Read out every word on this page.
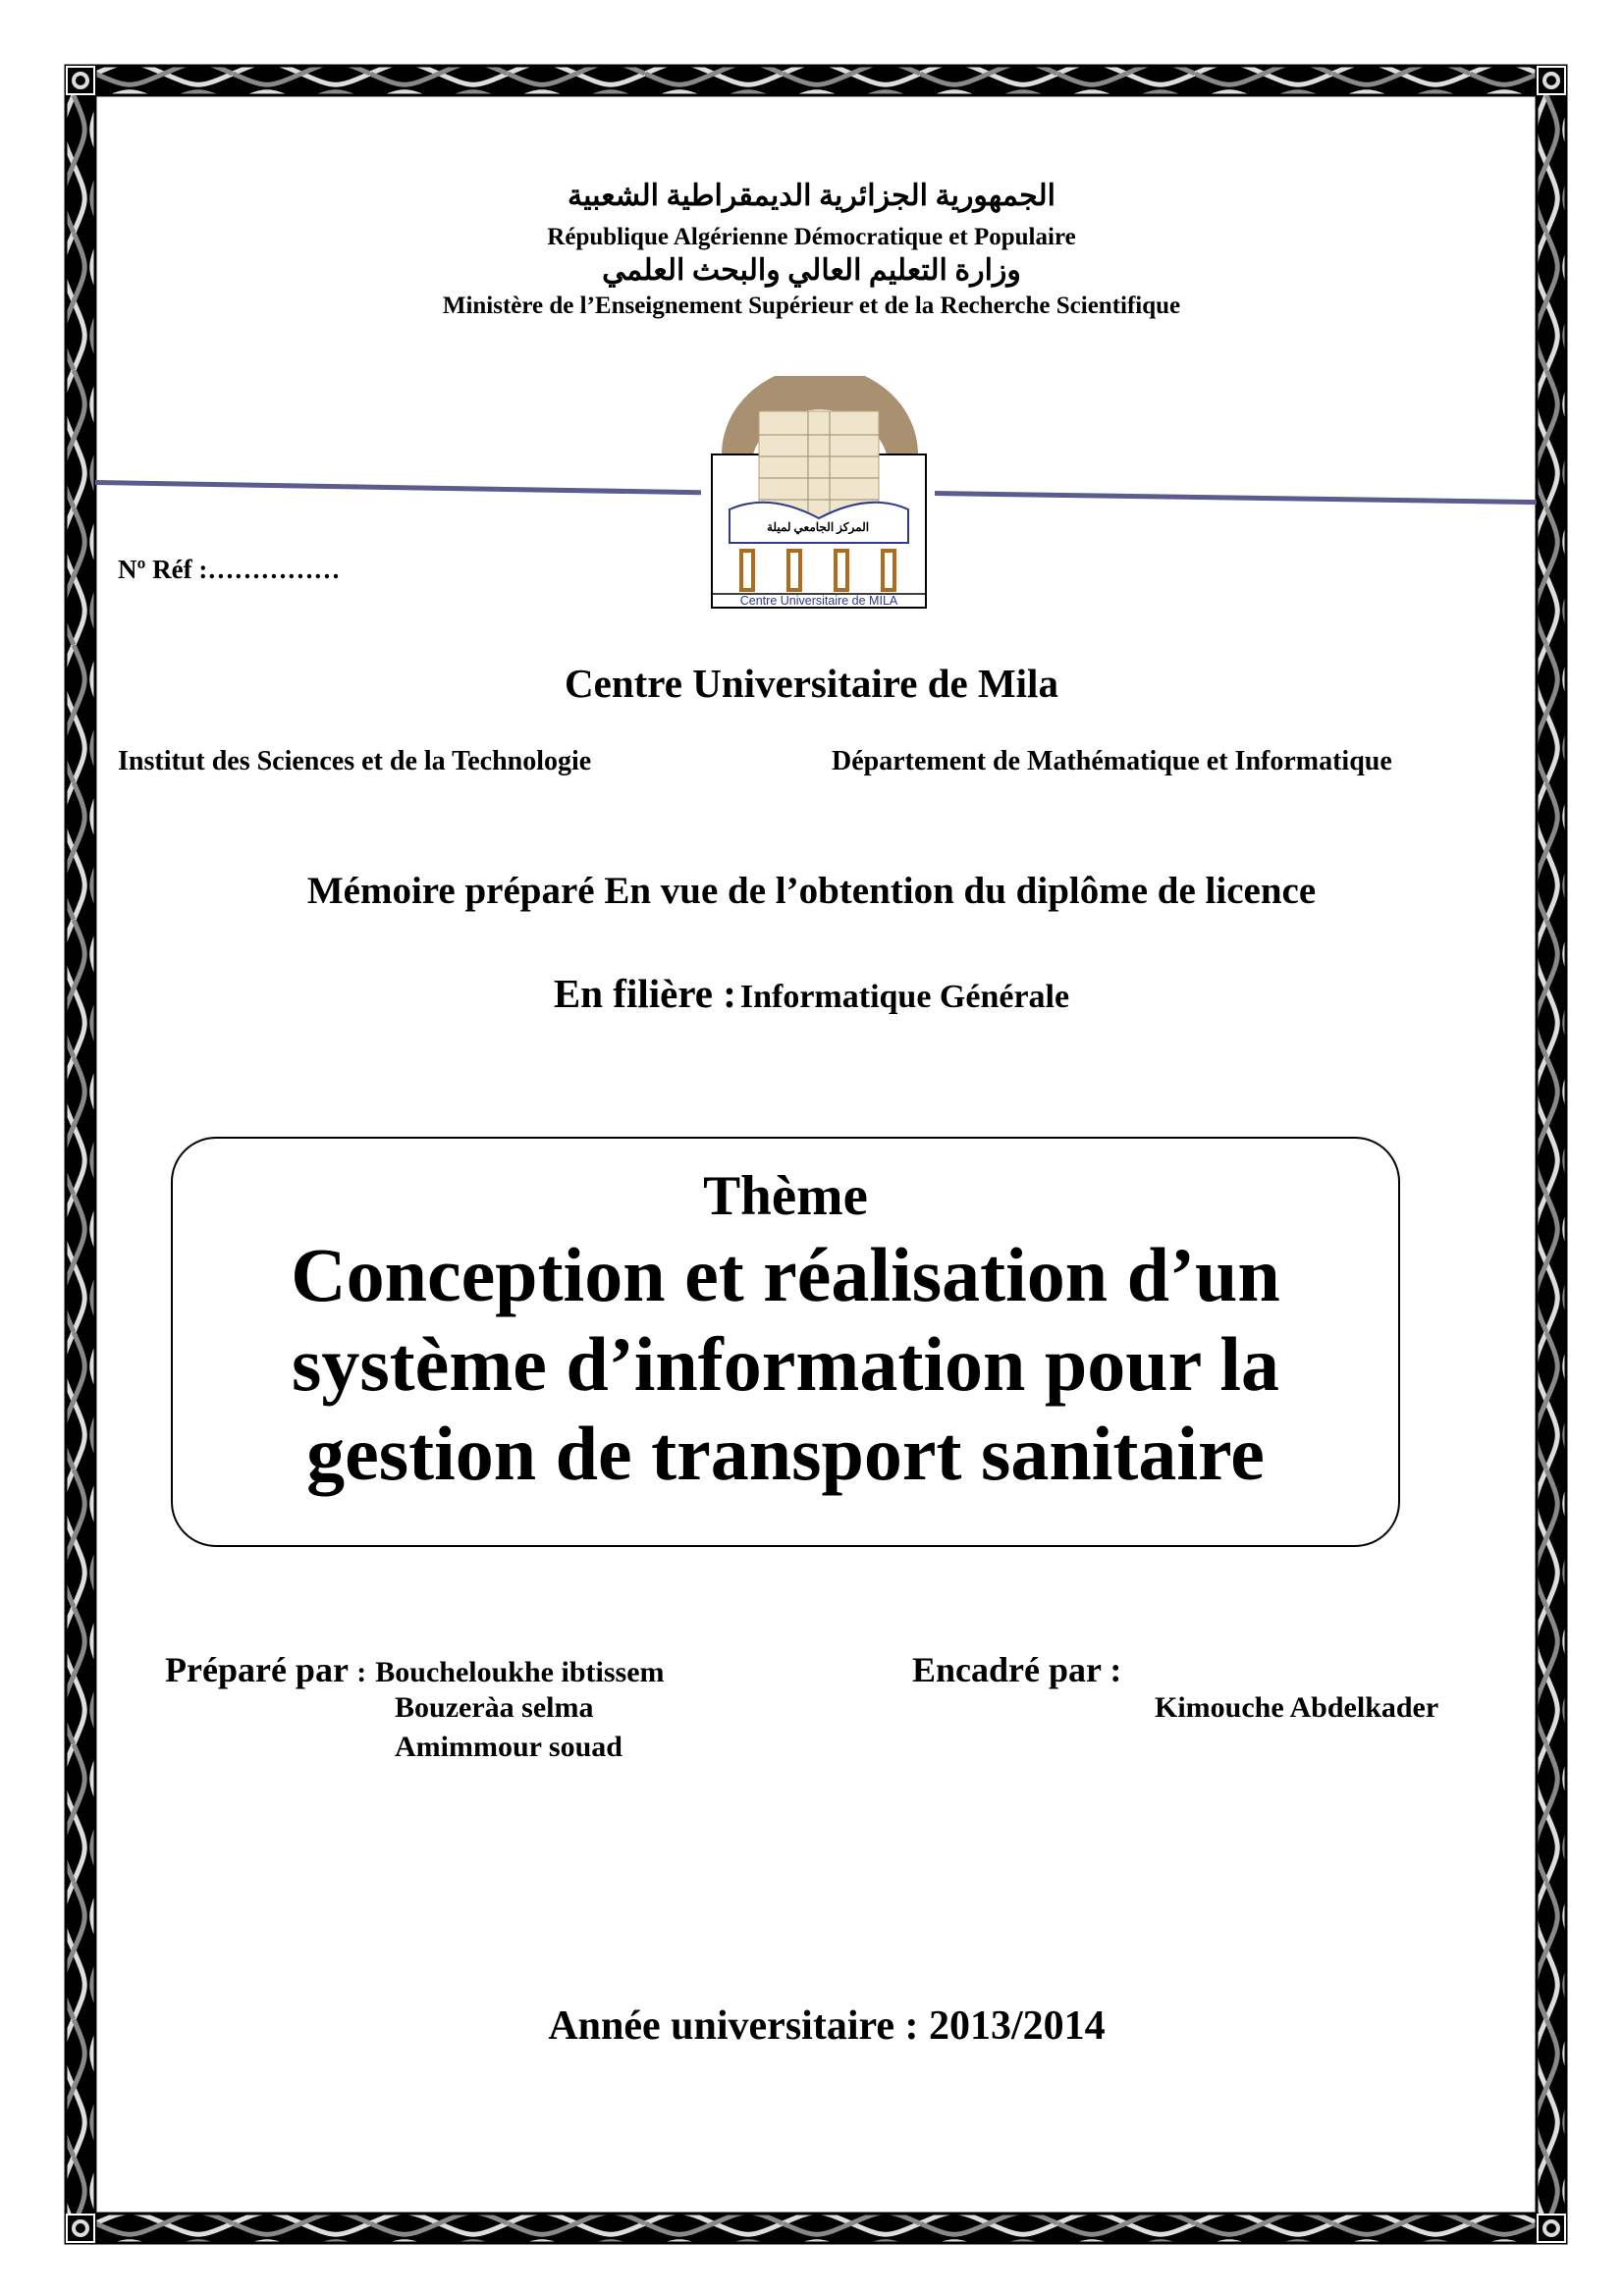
الجمهورية الجزائرية الديمقراطية الشعبية
République Algérienne Démocratique et Populaire
وزارة التعليم العالي والبحث العلمي
Ministère de l’Enseignement Supérieur et de la Recherche Scientifique
المركز الجامعي لميلة
Centre Universitaire de MILA
Nº Réf :……………
Centre Universitaire de Mila
Institut des Sciences et de la Technologie	Département de Mathématique et Informatique
Mémoire préparé En vue de l’obtention du diplôme de licence
En filière : Informatique Générale
Thème
Conception et réalisation d’un
système d’information pour la
gestion de transport sanitaire
Préparé par : Boucheloukhe ibtissem
Bouzeràa selma
Amimmour souad
Encadré par :
Kimouche Abdelkader
Année universitaire : 2013/2014
